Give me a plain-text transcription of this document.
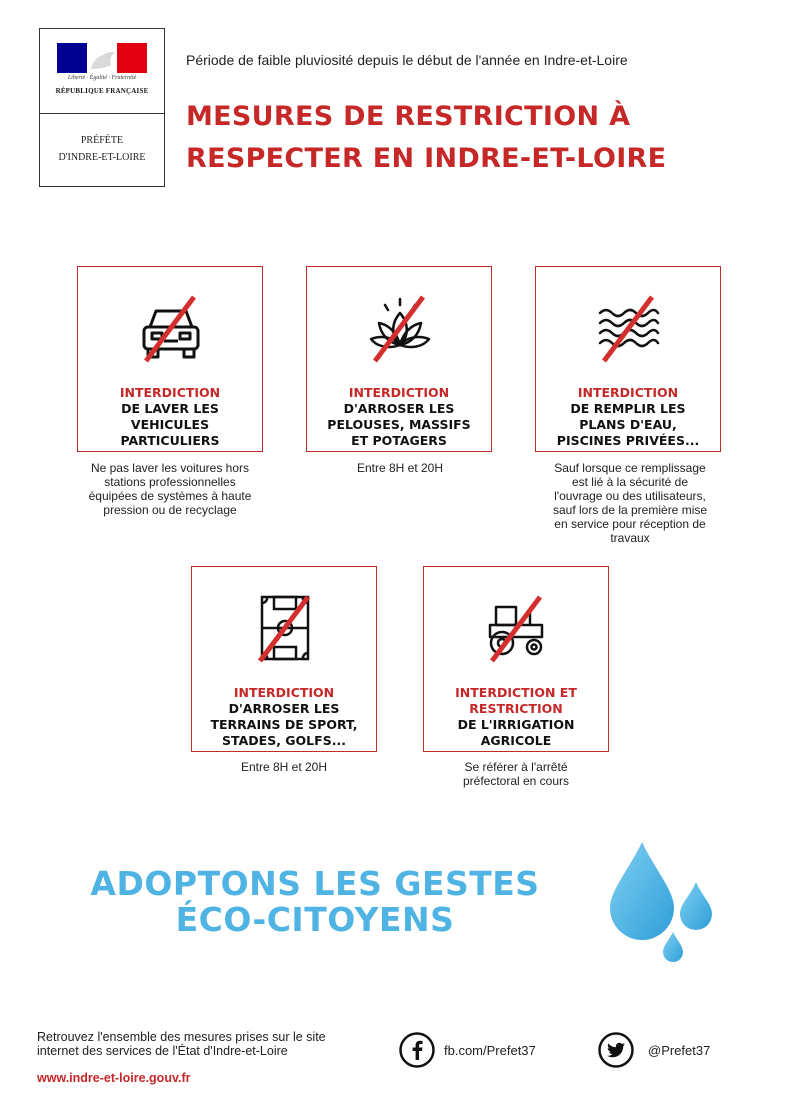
Liberté · Égalité · Fraternité
RÉPUBLIQUE FRANÇAISE
PRÉFÈTE
D'INDRE-ET-LOIRE
Période de faible pluviosité depuis le début de l'année en Indre-et-Loire
MESURES DE RESTRICTION À
RESPECTER EN INDRE-ET-LOIRE
INTERDICTION
DE LAVER LES
VEHICULES
PARTICULIERS
Ne pas laver les voitures hors
stations professionnelles
équipées de systèmes à haute
pression ou de recyclage
INTERDICTION
D'ARROSER LES
PELOUSES, MASSIFS
ET POTAGERS
Entre 8H et 20H
INTERDICTION
DE REMPLIR LES
PLANS D'EAU,
PISCINES PRIVÉES...
Sauf lorsque ce remplissage
est lié à la sécurité de
l'ouvrage ou des utilisateurs,
sauf lors de la première mise
en service pour réception de
travaux
INTERDICTION
D'ARROSER LES
TERRAINS DE SPORT,
STADES, GOLFS...
Entre 8H et 20H
INTERDICTION ET
RESTRICTION
DE L'IRRIGATION
AGRICOLE
Se référer à l'arrêté
préfectoral en cours
ADOPTONS LES GESTES
ÉCO-CITOYENS
Retrouvez l'ensemble des mesures prises sur le site
internet des services de l'État d'Indre-et-Loire
www.indre-et-loire.gouv.fr
fb.com/Prefet37	@Prefet37
